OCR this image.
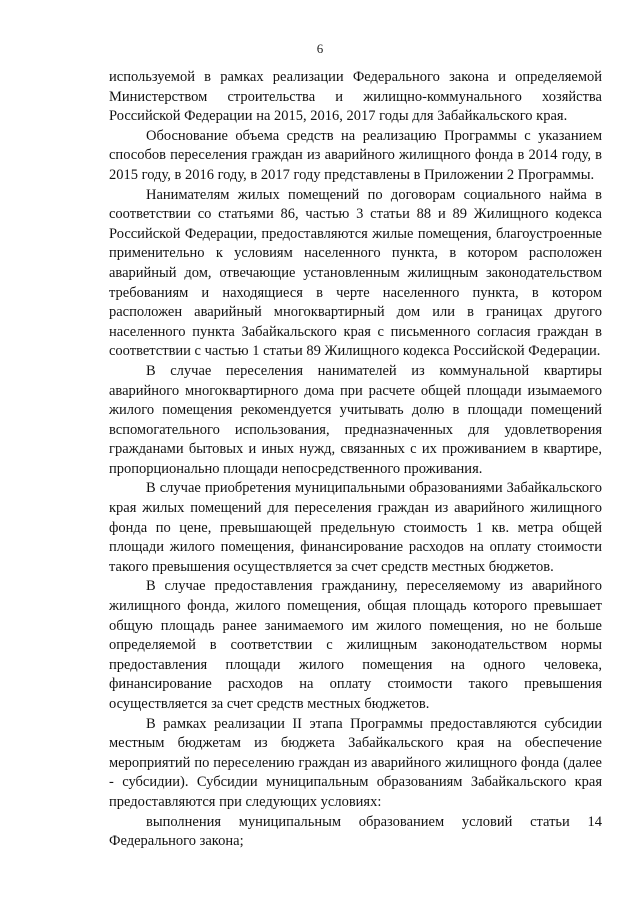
6

используемой в рамках реализации Федерального закона и определяемой Министерством строительства и жилищно-коммунального хозяйства Российской Федерации на 2015, 2016, 2017 годы для Забайкальского края.

Обоснование объема средств на реализацию Программы с указанием способов переселения граждан из аварийного жилищного фонда в 2014 году, в 2015 году, в 2016 году, в 2017 году представлены в Приложении 2 Программы.

Нанимателям жилых помещений по договорам социального найма в соответствии со статьями 86, частью 3 статьи 88 и 89 Жилищного кодекса Российской Федерации, предоставляются жилые помещения, благоустроенные применительно к условиям населенного пункта, в котором расположен аварийный дом, отвечающие установленным жилищным законодательством требованиям и находящиеся в черте населенного пункта, в котором расположен аварийный многоквартирный дом или в границах другого населенного пункта Забайкальского края с письменного согласия граждан в соответствии с частью 1 статьи 89 Жилищного кодекса Российской Федерации.

В случае переселения нанимателей из коммунальной квартиры аварийного многоквартирного дома при расчете общей площади изымаемого жилого помещения рекомендуется учитывать долю в площади помещений вспомогательного использования, предназначенных для удовлетворения гражданами бытовых и иных нужд, связанных с их проживанием в квартире, пропорционально площади непосредственного проживания.

В случае приобретения муниципальными образованиями Забайкальского края жилых помещений для переселения граждан из аварийного жилищного фонда по цене, превышающей предельную стоимость 1 кв. метра общей площади жилого помещения, финансирование расходов на оплату стоимости такого превышения осуществляется за счет средств местных бюджетов.

В случае предоставления гражданину, переселяемому из аварийного жилищного фонда, жилого помещения, общая площадь которого превышает общую площадь ранее занимаемого им жилого помещения, но не больше определяемой в соответствии с жилищным законодательством нормы предоставления площади жилого помещения на одного человека, финансирование расходов на оплату стоимости такого превышения осуществляется за счет средств местных бюджетов.

В рамках реализации II этапа Программы предоставляются субсидии местным бюджетам из бюджета Забайкальского края на обеспечение мероприятий по переселению граждан из аварийного жилищного фонда (далее - субсидии). Субсидии муниципальным образованиям Забайкальского края предоставляются при следующих условиях:

выполнения муниципальным образованием условий статьи 14 Федерального закона;
